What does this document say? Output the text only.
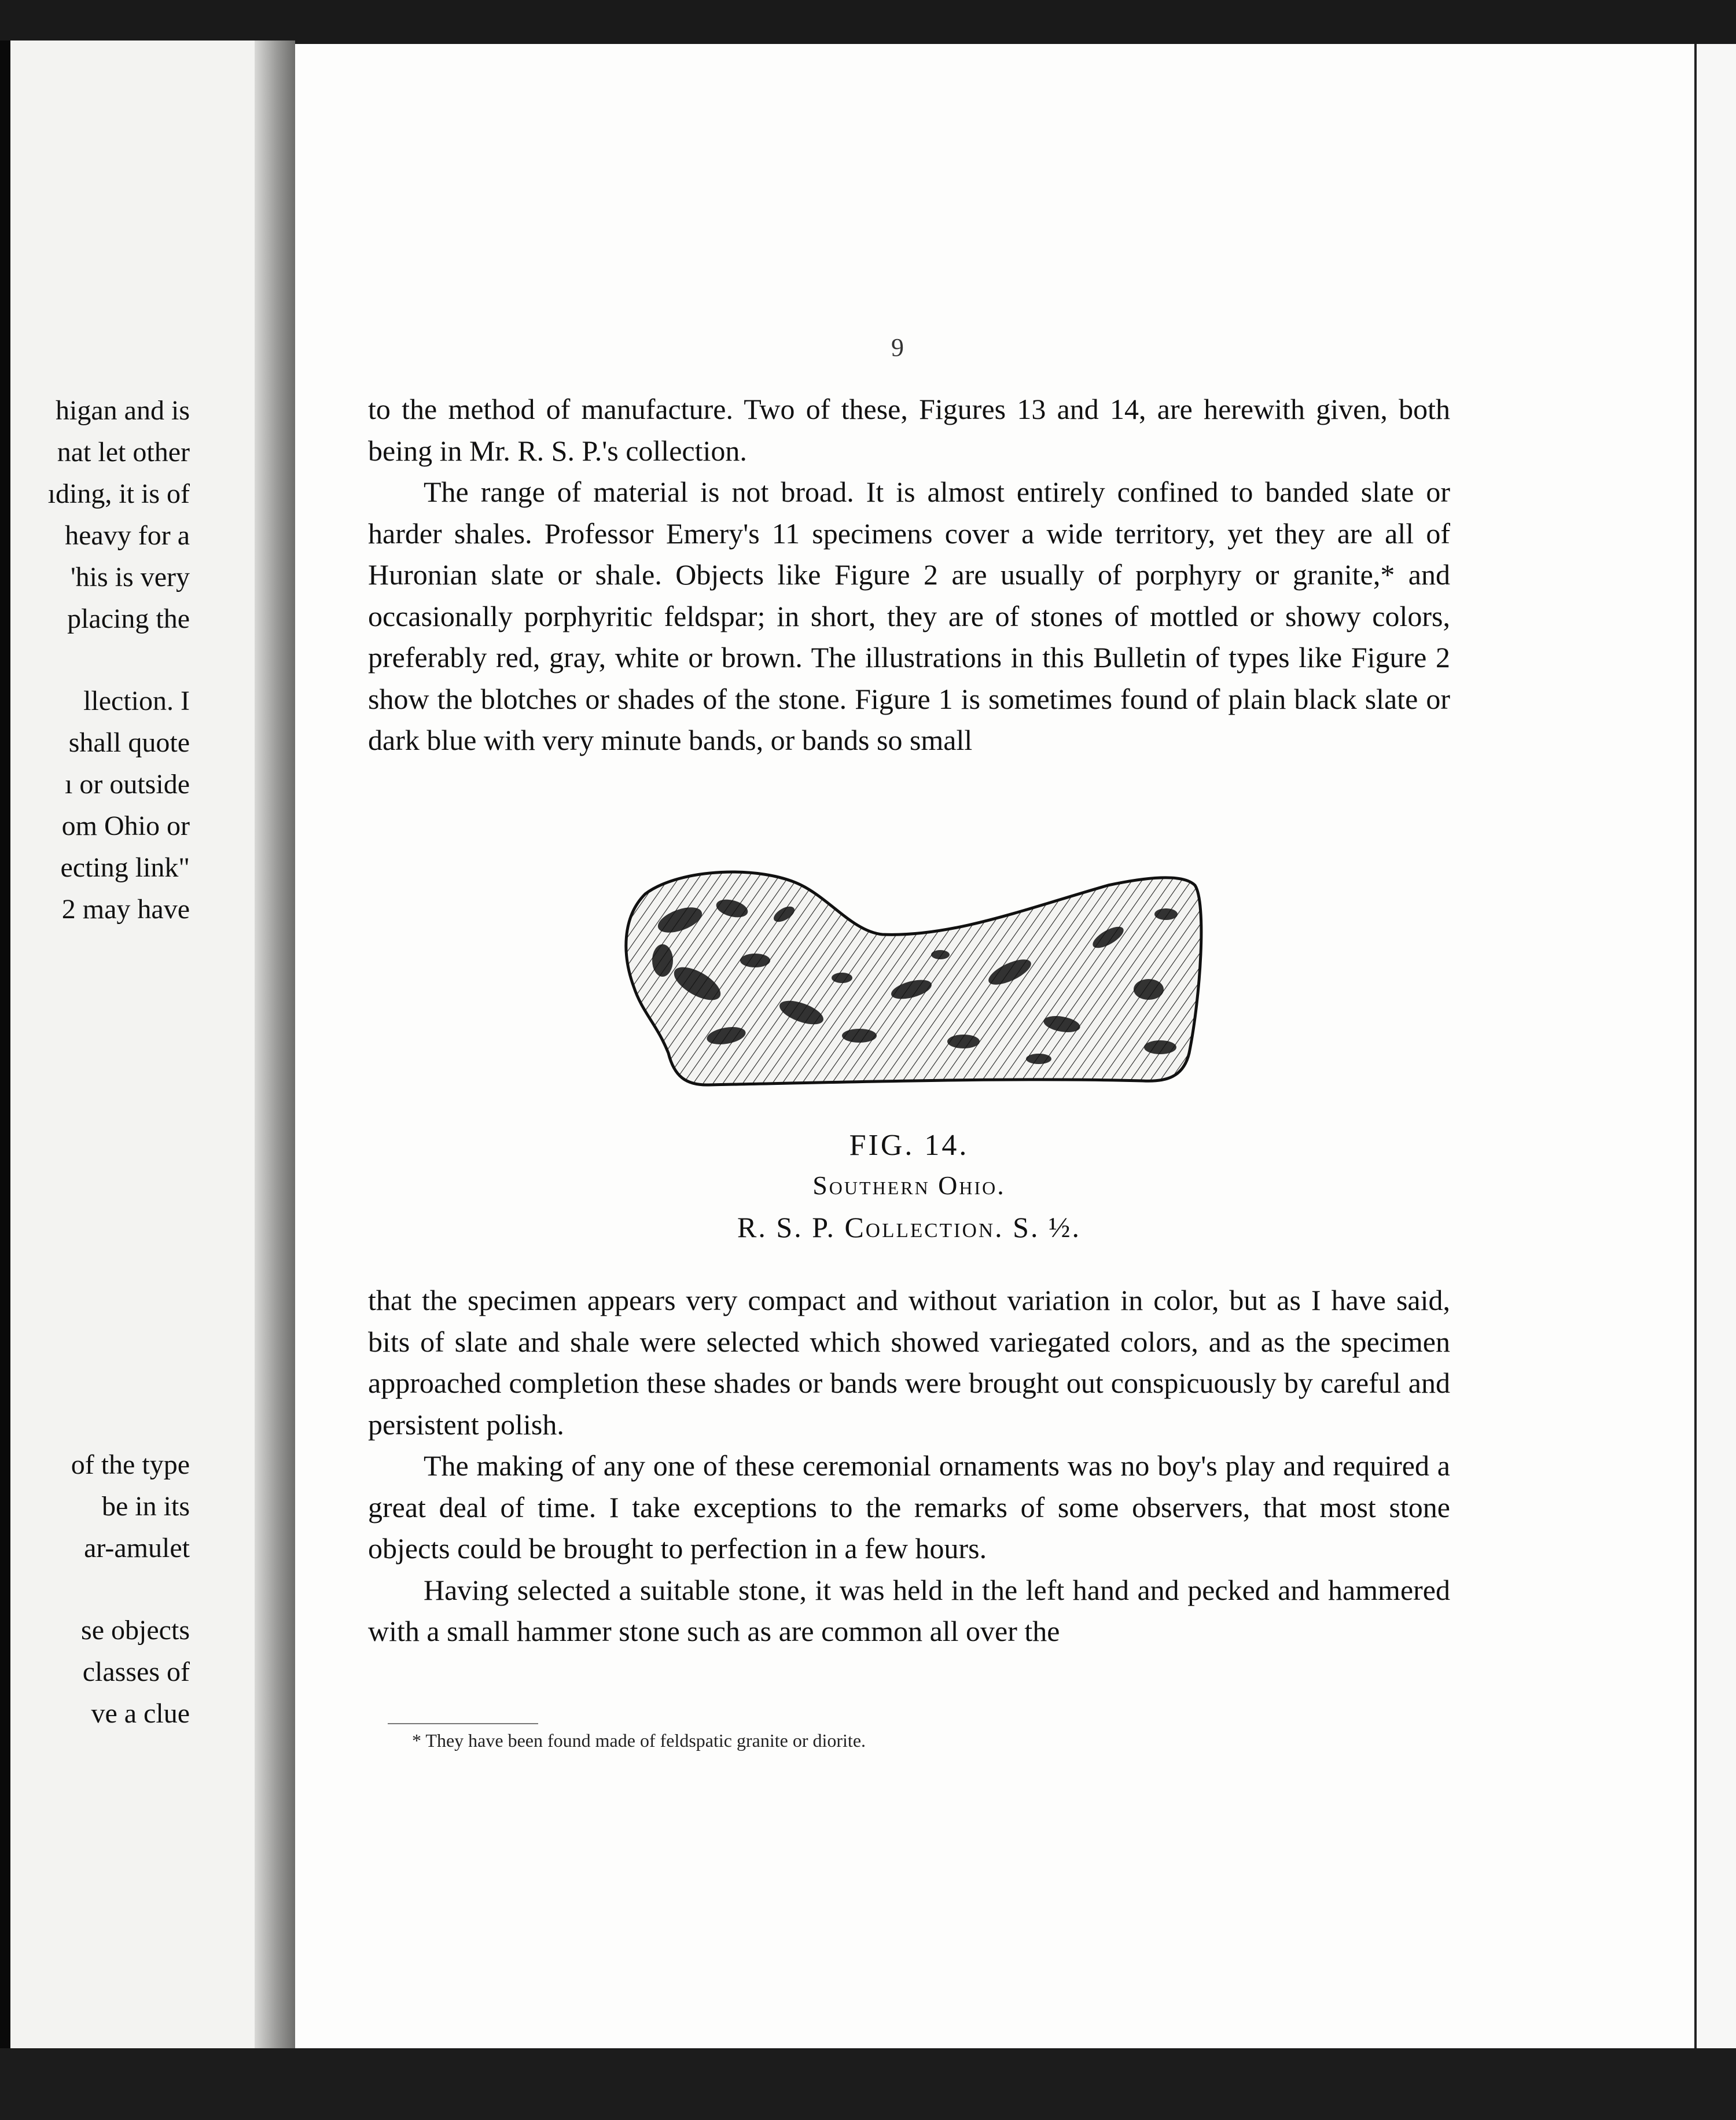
higan and is
nat let other
ıding, it is of
heavy for a
'his is very
placing the
llection. I
shall quote
ı or outside
om Ohio or
ecting link"
2 may have
of the type
be in its
ar-amulet
se objects
classes of
ve a clue
9

to the method of manufacture. Two of these, Figures 13 and 14, are herewith given, both being in Mr. R. S. P.'s collection.

The range of material is not broad. It is almost entirely confined to banded slate or harder shales. Professor Emery's 11 specimens cover a wide territory, yet they are all of Huronian slate or shale. Objects like Figure 2 are usually of porphyry or granite,* and occasionally porphyritic feldspar; in short, they are of stones of mottled or showy colors, preferably red, gray, white or brown. The illustrations in this Bulletin of types like Figure 2 show the blotches or shades of the stone. Figure 1 is sometimes found of plain black slate or dark blue with very minute bands, or bands so small

FIG. 14.
Southern Ohio.
R. S. P. Collection. S. ½.

that the specimen appears very compact and without variation in color, but as I have said, bits of slate and shale were selected which showed variegated colors, and as the specimen approached completion these shades or bands were brought out conspicuously by careful and persistent polish.

The making of any one of these ceremonial ornaments was no boy's play and required a great deal of time. I take exceptions to the remarks of some observers, that most stone objects could be brought to perfection in a few hours.

Having selected a suitable stone, it was held in the left hand and pecked and hammered with a small hammer stone such as are common all over the

* They have been found made of feldspatic granite or diorite.
